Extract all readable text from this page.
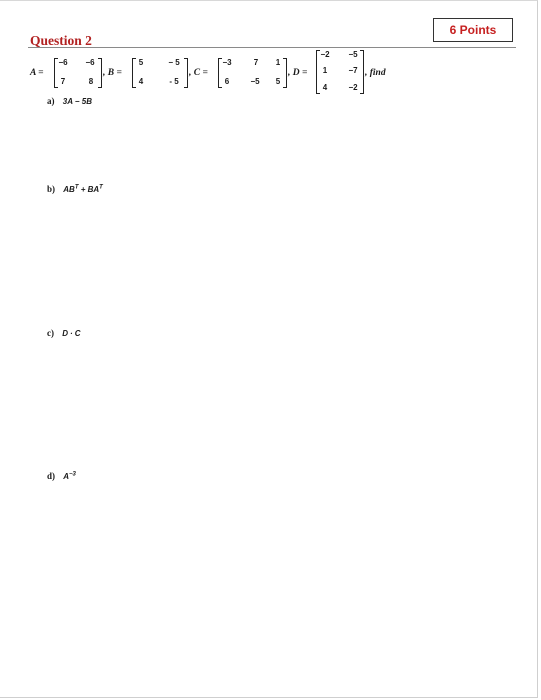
6 Points
Question 2
A =
−6	−6
7	8
, B =
5	− 5
4	- 5
, C =
−3	7	1
6	−5	5
, D =
−2	−5
1	−7
4	−2
, find
a) 3A − 5B
b) $AB^T + BA^T$
c) D ∙ C
d) $A^{-3}$
